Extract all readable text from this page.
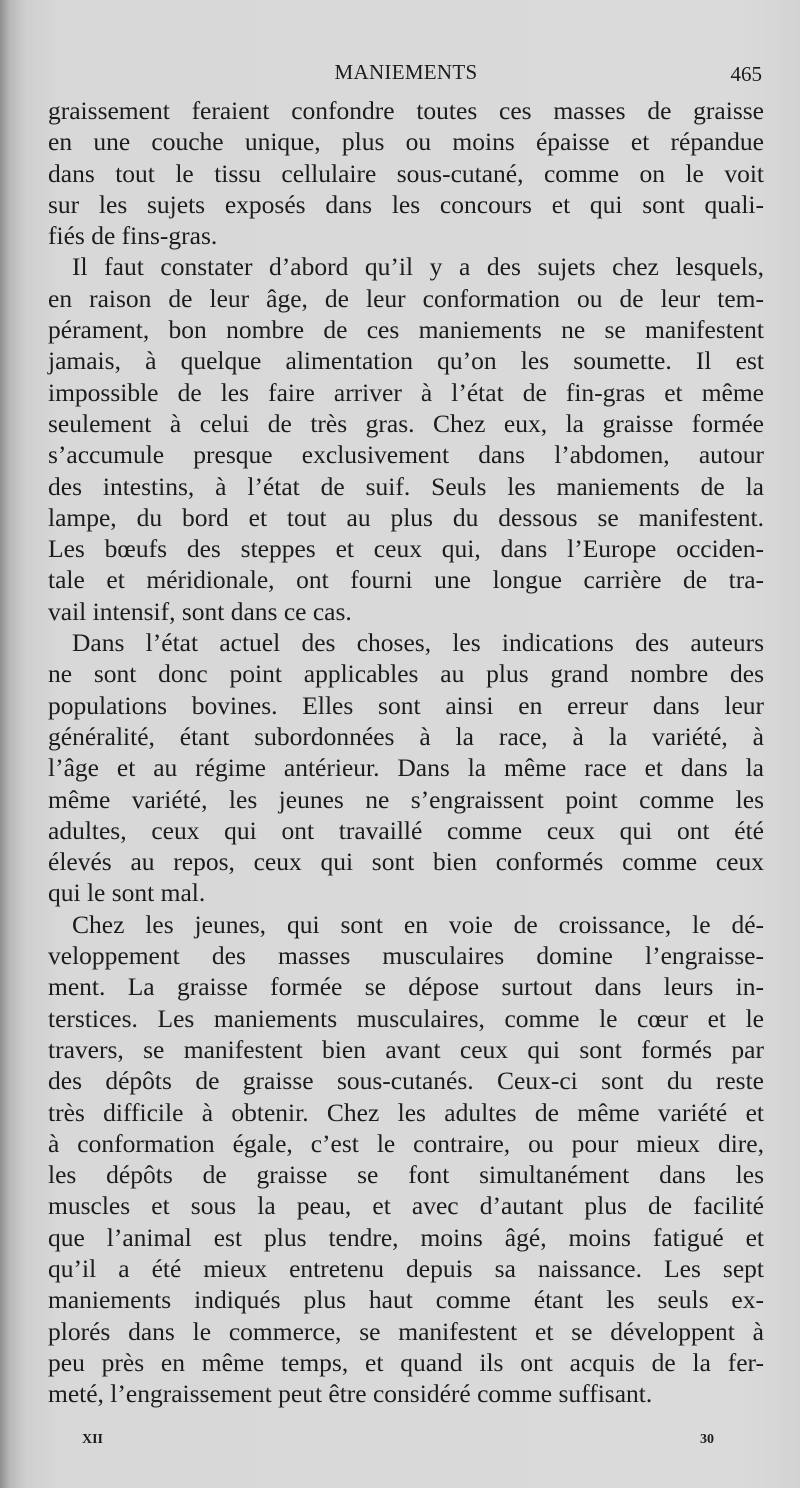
MANIEMENTS	465
graissement feraient confondre toutes ces masses de graisse
en une couche unique, plus ou moins épaisse et répandue
dans tout le tissu cellulaire sous-cutané, comme on le voit
sur les sujets exposés dans les concours et qui sont quali-
fiés de fins-gras.
Il faut constater d’abord qu’il y a des sujets chez lesquels,
en raison de leur âge, de leur conformation ou de leur tem-
pérament, bon nombre de ces maniements ne se manifestent
jamais, à quelque alimentation qu’on les soumette. Il est
impossible de les faire arriver à l’état de fin-gras et même
seulement à celui de très gras. Chez eux, la graisse formée
s’accumule presque exclusivement dans l’abdomen, autour
des intestins, à l’état de suif. Seuls les maniements de la
lampe, du bord et tout au plus du dessous se manifestent.
Les bœufs des steppes et ceux qui, dans l’Europe occiden-
tale et méridionale, ont fourni une longue carrière de tra-
vail intensif, sont dans ce cas.
Dans l’état actuel des choses, les indications des auteurs
ne sont donc point applicables au plus grand nombre des
populations bovines. Elles sont ainsi en erreur dans leur
généralité, étant subordonnées à la race, à la variété, à
l’âge et au régime antérieur. Dans la même race et dans la
même variété, les jeunes ne s’engraissent point comme les
adultes, ceux qui ont travaillé comme ceux qui ont été
élevés au repos, ceux qui sont bien conformés comme ceux
qui le sont mal.
Chez les jeunes, qui sont en voie de croissance, le dé-
veloppement des masses musculaires domine l’engraisse-
ment. La graisse formée se dépose surtout dans leurs in-
terstices. Les maniements musculaires, comme le cœur et le
travers, se manifestent bien avant ceux qui sont formés par
des dépôts de graisse sous-cutanés. Ceux-ci sont du reste
très difficile à obtenir. Chez les adultes de même variété et
à conformation égale, c’est le contraire, ou pour mieux dire,
les dépôts de graisse se font simultanément dans les
muscles et sous la peau, et avec d’autant plus de facilité
que l’animal est plus tendre, moins âgé, moins fatigué et
qu’il a été mieux entretenu depuis sa naissance. Les sept
maniements indiqués plus haut comme étant les seuls ex-
plorés dans le commerce, se manifestent et se développent à
peu près en même temps, et quand ils ont acquis de la fer-
meté, l’engraissement peut être considéré comme suffisant.
XII	30
